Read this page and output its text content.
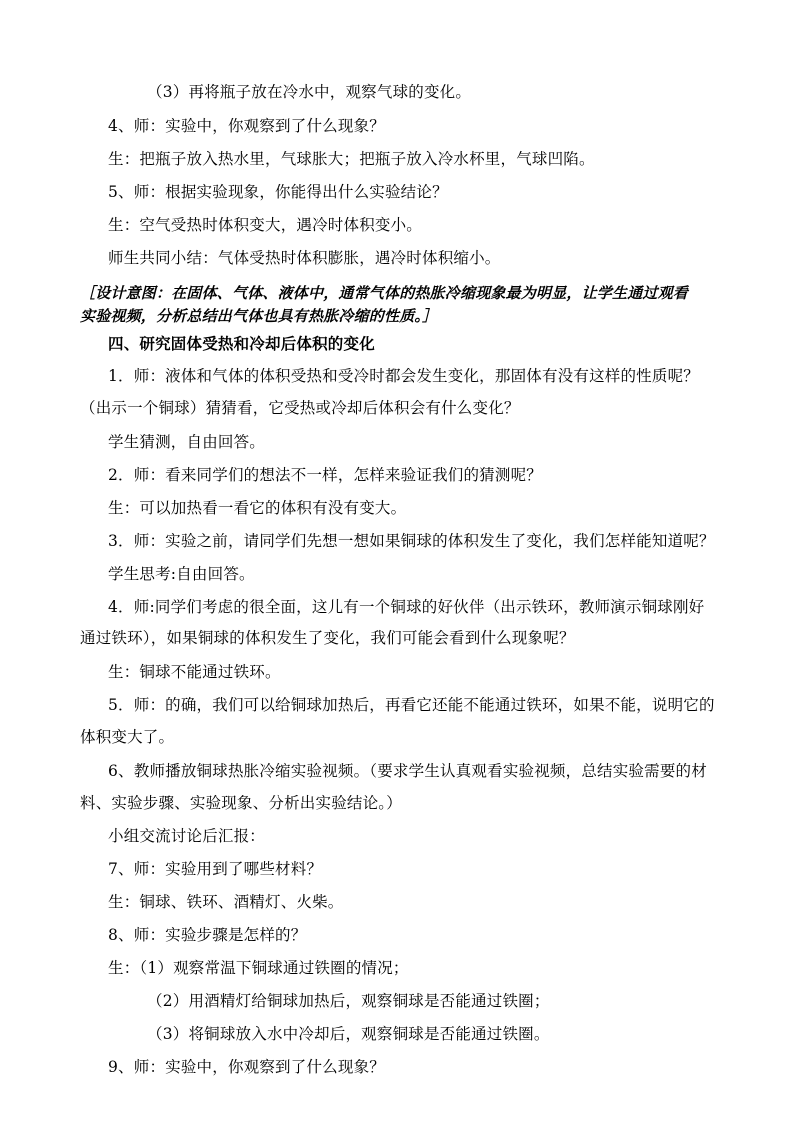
（3）再将瓶子放在冷水中，观察气球的变化。
4、师：实验中，你观察到了什么现象？
生：把瓶子放入热水里，气球胀大；把瓶子放入冷水杯里，气球凹陷。
5、师：根据实验现象，你能得出什么实验结论？
生：空气受热时体积变大，遇冷时体积变小。
师生共同小结：气体受热时体积膨胀，遇冷时体积缩小。
［设计意图：在固体、气体、液体中，通常气体的热胀冷缩现象最为明显，让学生通过观看
实验视频，分析总结出气体也具有热胀冷缩的性质。］
四、研究固体受热和冷却后体积的变化
1．师：液体和气体的体积受热和受冷时都会发生变化，那固体有没有这样的性质呢？
（出示一个铜球）猜猜看，它受热或冷却后体积会有什么变化？
学生猜测，自由回答。
2．师：看来同学们的想法不一样，怎样来验证我们的猜测呢？
生：可以加热看一看它的体积有没有变大。
3．师：实验之前，请同学们先想一想如果铜球的体积发生了变化，我们怎样能知道呢？
学生思考:自由回答。
4．师:同学们考虑的很全面，这儿有一个铜球的好伙伴（出示铁环，教师演示铜球刚好
通过铁环），如果铜球的体积发生了变化，我们可能会看到什么现象呢？
生：铜球不能通过铁环。
5．师：的确，我们可以给铜球加热后，再看它还能不能通过铁环，如果不能，说明它的
体积变大了。
6、教师播放铜球热胀冷缩实验视频。（要求学生认真观看实验视频，总结实验需要的材
料、实验步骤、实验现象、分析出实验结论。）
小组交流讨论后汇报：
7、师：实验用到了哪些材料？
生：铜球、铁环、酒精灯、火柴。
8、师：实验步骤是怎样的？
生：（1）观察常温下铜球通过铁圈的情况；
（2）用酒精灯给铜球加热后，观察铜球是否能通过铁圈；
（3）将铜球放入水中冷却后，观察铜球是否能通过铁圈。
9、师：实验中，你观察到了什么现象？
